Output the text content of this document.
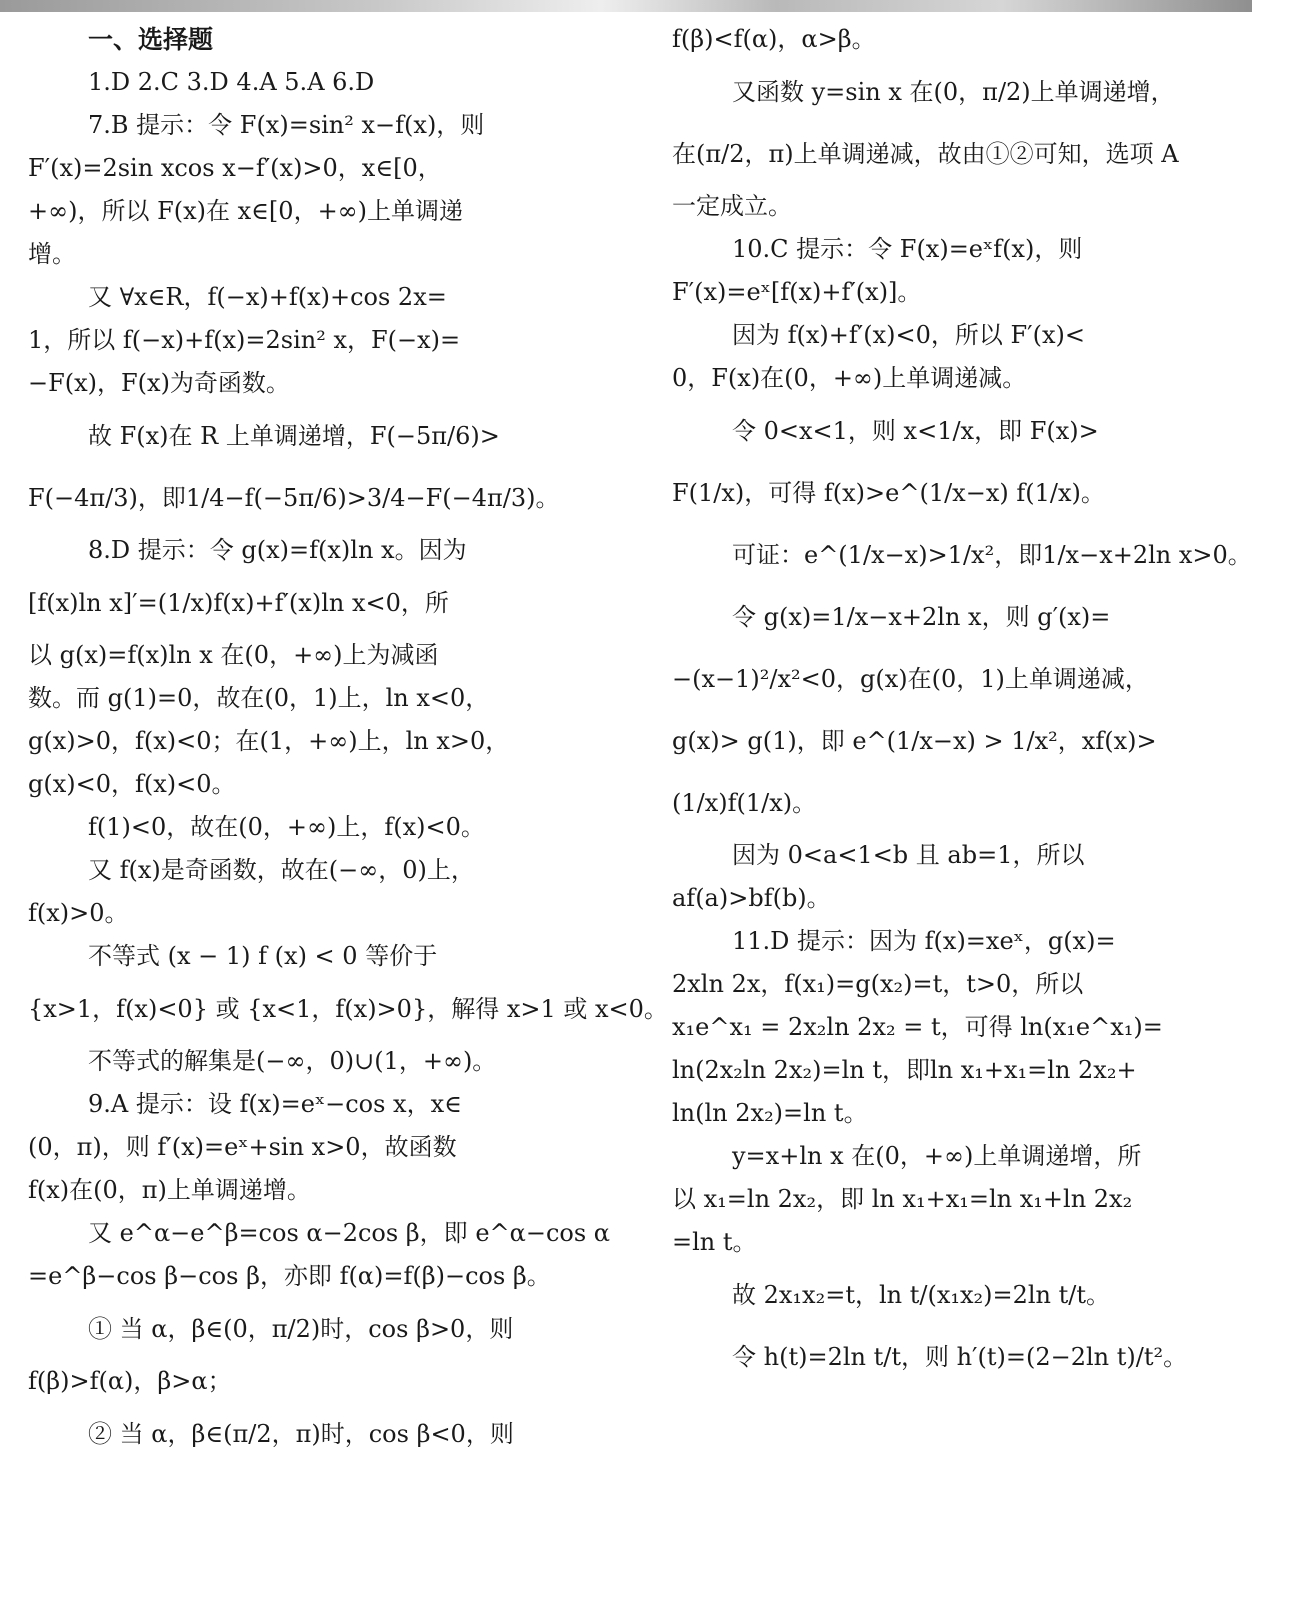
一、选择题
1.D 2.C 3.D 4.A 5.A 6.D
7.B 提示：令 F(x)=sin² x−f(x)，则
F′(x)=2sin xcos x−f′(x)>0，x∈[0，
+∞)，所以 F(x)在 x∈[0，+∞)上单调递
增。
又 ∀x∈R，f(−x)+f(x)+cos 2x=
1，所以 f(−x)+f(x)=2sin² x，F(−x)=
−F(x)，F(x)为奇函数。
故 F(x)在 R 上单调递增，F(−5π/6)>
F(−4π/3)，即1/4−f(−5π/6)>3/4−F(−4π/3)。
8.D 提示：令 g(x)=f(x)ln x。因为
[f(x)ln x]′=(1/x)f(x)+f′(x)ln x<0，所
以 g(x)=f(x)ln x 在(0，+∞)上为减函
数。而 g(1)=0，故在(0，1)上，ln x<0，
g(x)>0，f(x)<0；在(1，+∞)上，ln x>0，
g(x)<0，f(x)<0。
f(1)<0，故在(0，+∞)上，f(x)<0。
又 f(x)是奇函数，故在(−∞，0)上，
f(x)>0。
不等式 (x − 1) f (x) < 0 等价于
{x>1，f(x)<0} 或 {x<1，f(x)>0}，解得 x>1 或 x<0。
不等式的解集是(−∞，0)∪(1，+∞)。
9.A 提示：设 f(x)=eˣ−cos x，x∈
(0，π)，则 f′(x)=eˣ+sin x>0，故函数
f(x)在(0，π)上单调递增。
又 e^α−e^β=cos α−2cos β，即 e^α−cos α
=e^β−cos β−cos β，亦即 f(α)=f(β)−cos β。
① 当 α，β∈(0，π/2)时，cos β>0，则
f(β)>f(α)，β>α；
② 当 α，β∈(π/2，π)时，cos β<0，则
f(β)<f(α)，α>β。
又函数 y=sin x 在(0，π/2)上单调递增，
在(π/2，π)上单调递减，故由①②可知，选项 A
一定成立。
10.C 提示：令 F(x)=eˣf(x)，则
F′(x)=eˣ[f(x)+f′(x)]。
因为 f(x)+f′(x)<0，所以 F′(x)<
0，F(x)在(0，+∞)上单调递减。
令 0<x<1，则 x<1/x，即 F(x)>
F(1/x)，可得 f(x)>e^(1/x−x) f(1/x)。
可证：e^(1/x−x)>1/x²，即1/x−x+2ln x>0。
令 g(x)=1/x−x+2ln x，则 g′(x)=
−(x−1)²/x²<0，g(x)在(0，1)上单调递减，
g(x)> g(1)，即 e^(1/x−x) > 1/x²，xf(x)>
(1/x)f(1/x)。
因为 0<a<1<b 且 ab=1，所以
af(a)>bf(b)。
11.D 提示：因为 f(x)=xeˣ，g(x)=
2xln 2x，f(x₁)=g(x₂)=t，t>0，所以
x₁e^x₁ = 2x₂ln 2x₂ = t，可得 ln(x₁e^x₁)=
ln(2x₂ln 2x₂)=ln t，即ln x₁+x₁=ln 2x₂+
ln(ln 2x₂)=ln t。
y=x+ln x 在(0，+∞)上单调递增，所
以 x₁=ln 2x₂，即 ln x₁+x₁=ln x₁+ln 2x₂
=ln t。
故 2x₁x₂=t，ln t/(x₁x₂)=2ln t/t。
令 h(t)=2ln t/t，则 h′(t)=(2−2ln t)/t²。
